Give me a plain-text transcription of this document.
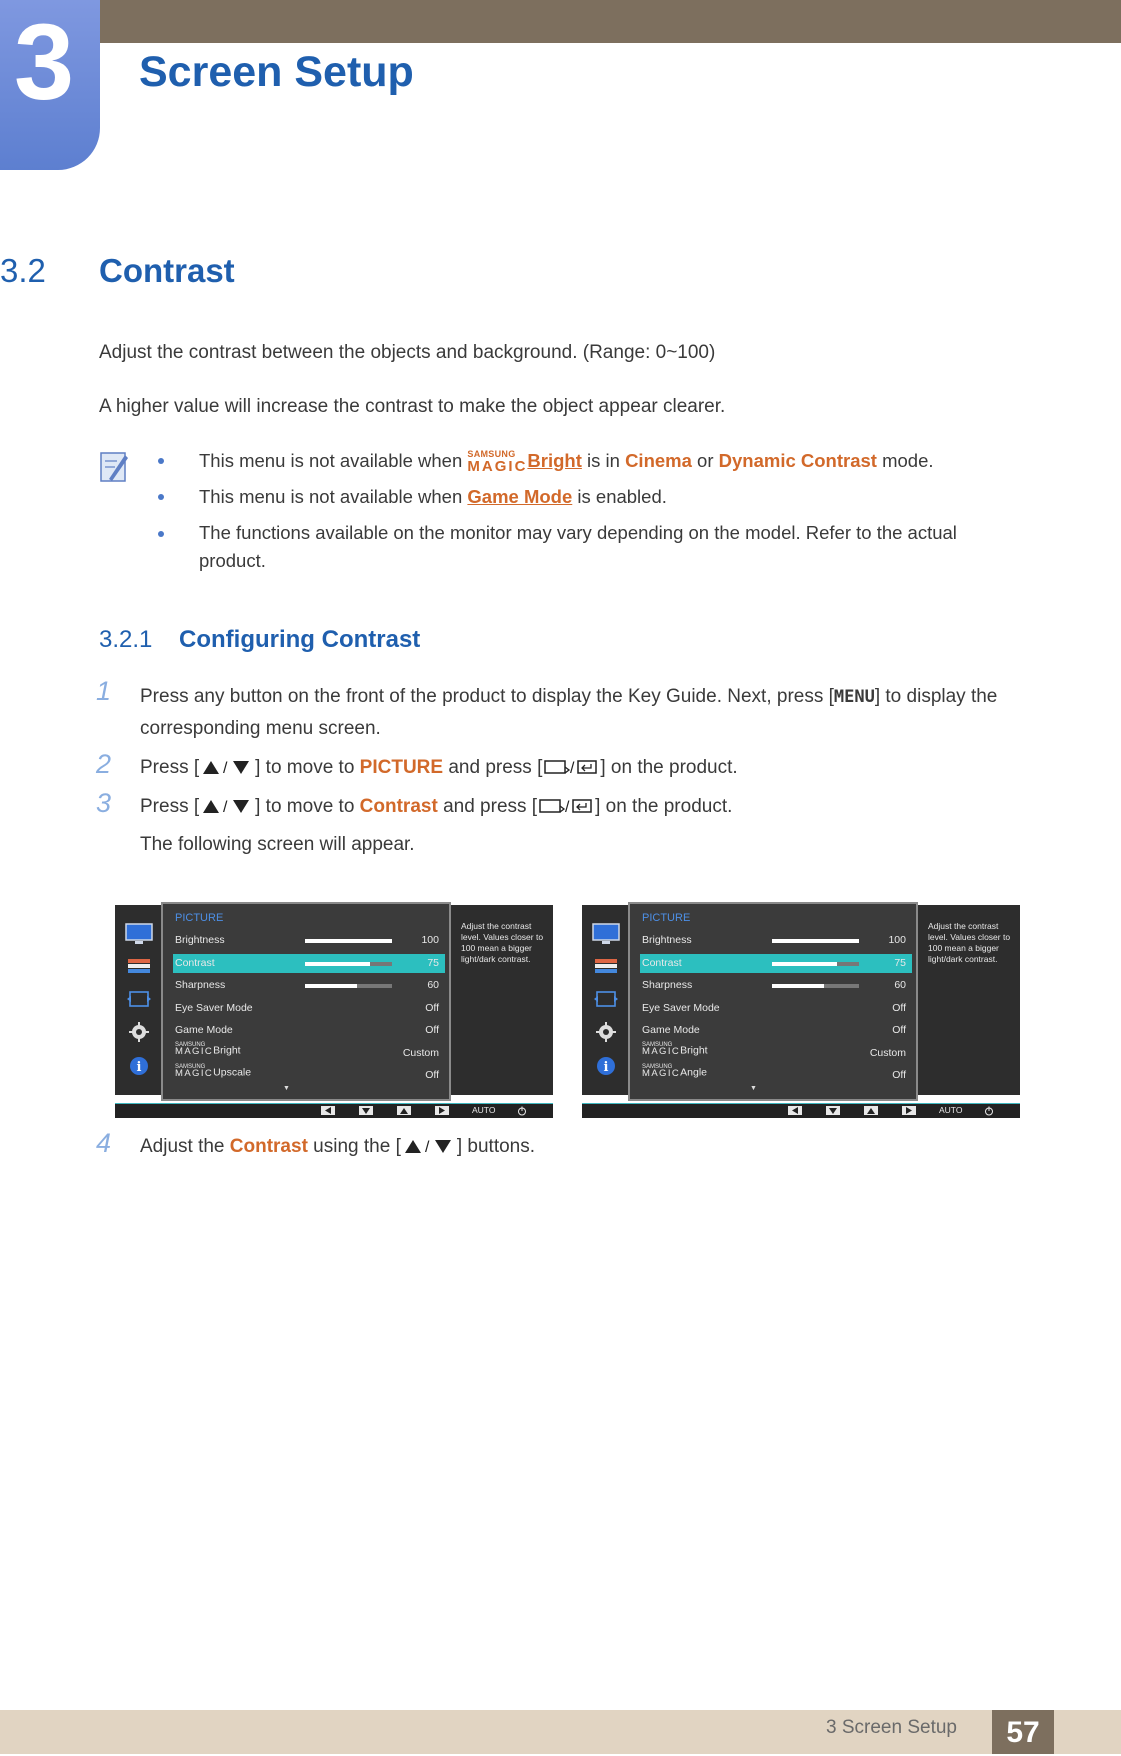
3	Screen Setup
3.2 Contrast
Adjust the contrast between the objects and background. (Range: 0~100)
A higher value will increase the contrast to make the object appear clearer.
This menu is not available when SAMSUNG
MAGIC Bright is in Cinema or Dynamic Contrast mode.
This menu is not available when Game Mode is enabled.
The functions available on the monitor may vary depending on the model. Refer to the actual product.
3.2.1 Configuring Contrast
1 Press any button on the front of the product to display the Key Guide. Next, press [MENU] to display the corresponding menu screen.
2 Press [ / ] to move to PICTURE and press [ / ] on the product.
3 Press [ / ] to move to Contrast and press [ / ] on the product.
The following screen will appear.
i
PICTURE
Brightness	100
Contrast	75
Sharpness	60
Eye Saver Mode	Off
Game Mode	Off
SAMSUNG
MAGIC Bright	Custom
SAMSUNG
MAGIC Upscale	Off
▼
Adjust the contrast level. Values closer to 100 mean a bigger light/dark contrast.
AUTO
i
PICTURE
Brightness	100
Contrast	75
Sharpness	60
Eye Saver Mode	Off
Game Mode	Off
SAMSUNG
MAGIC Bright	Custom
SAMSUNG
MAGIC Angle	Off
▼
Adjust the contrast level. Values closer to 100 mean a bigger light/dark contrast.
AUTO
4 Adjust the Contrast using the [ / ] buttons.
3 Screen Setup	57
